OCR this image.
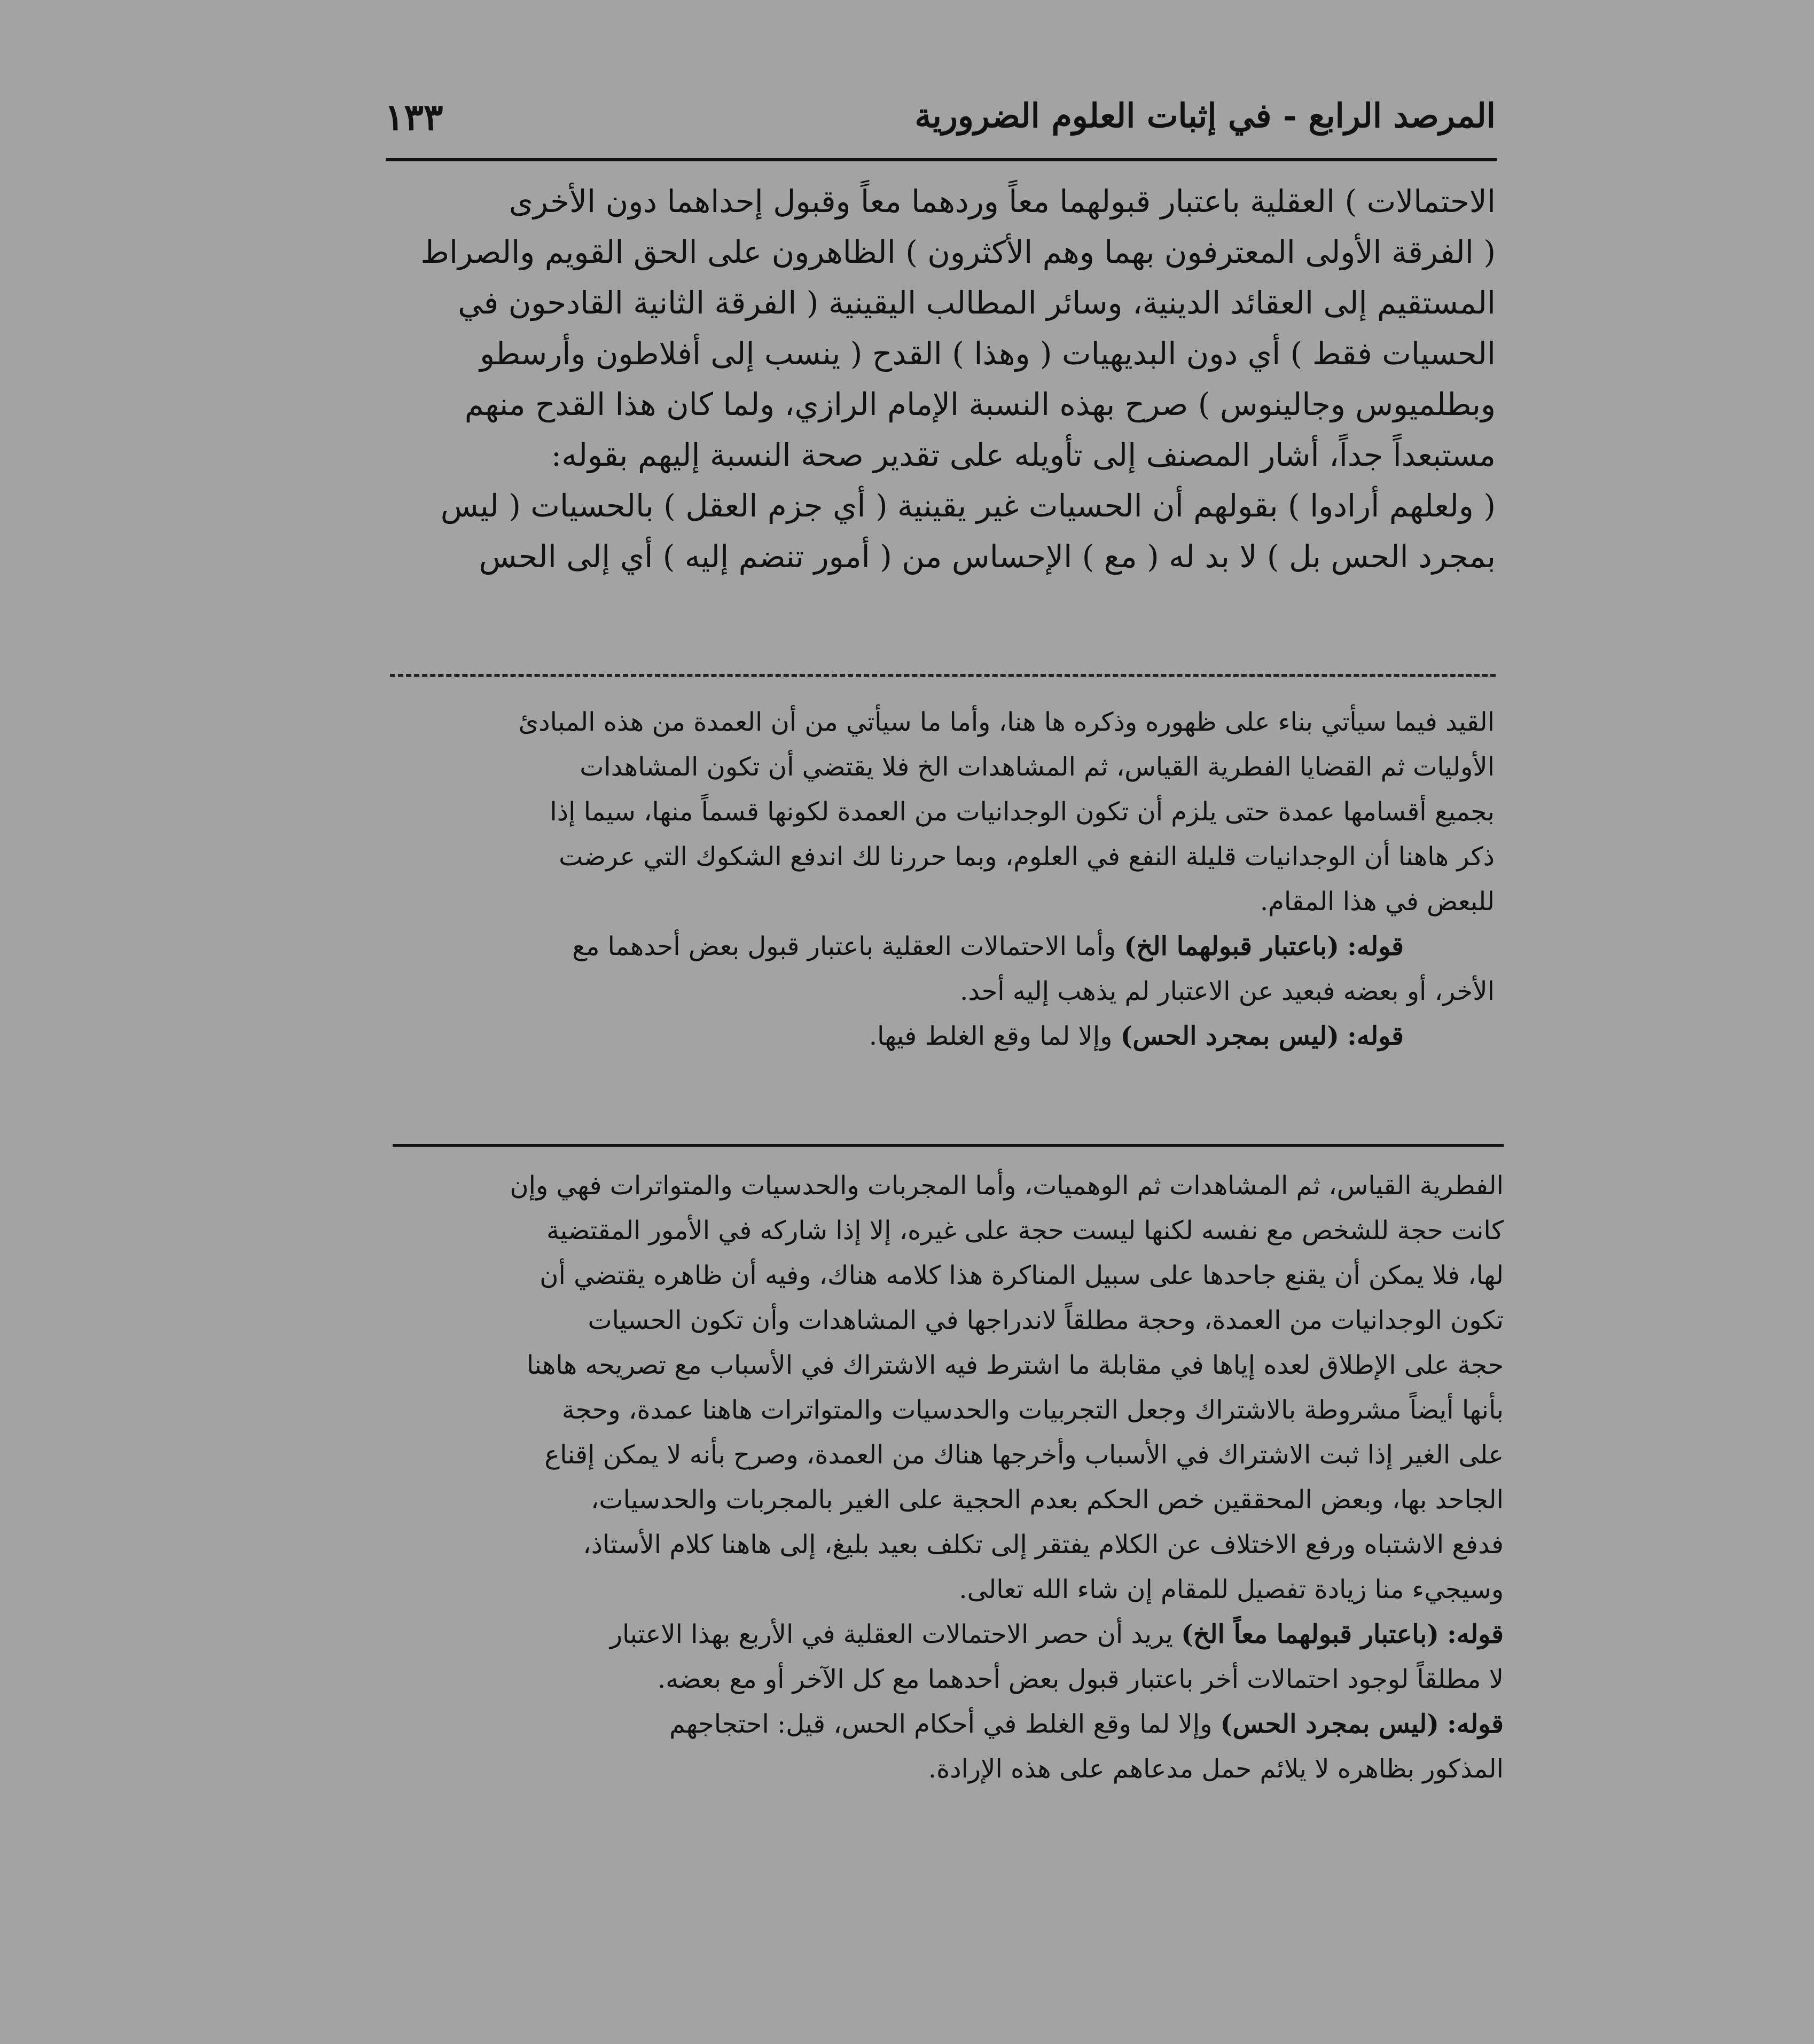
المرصد الرابع - في إثبات العلوم الضرورية
١٣٣
الاحتمالات ) العقلية باعتبار قبولهما معاً وردهما معاً وقبول إحداهما دون الأخرى
( الفرقة الأولى المعترفون بهما وهم الأكثرون ) الظاهرون على الحق القويم والصراط
المستقيم إلى العقائد الدينية، وسائر المطالب اليقينية ( الفرقة الثانية القادحون في
الحسيات فقط ) أي دون البديهيات ( وهذا ) القدح ( ينسب إلى أفلاطون وأرسطو
وبطلميوس وجالينوس ) صرح بهذه النسبة الإمام الرازي، ولما كان هذا القدح منهم
مستبعداً جداً، أشار المصنف إلى تأويله على تقدير صحة النسبة إليهم بقوله:
( ولعلهم أرادوا ) بقولهم أن الحسيات غير يقينية ( أي جزم العقل ) بالحسيات ( ليس
بمجرد الحس بل ) لا بد له ( مع ) الإحساس من ( أمور تنضم إليه ) أي إلى الحس
القيد فيما سيأتي بناء على ظهوره وذكره ها هنا، وأما ما سيأتي من أن العمدة من هذه المبادئ
الأوليات ثم القضايا الفطرية القياس، ثم المشاهدات الخ فلا يقتضي أن تكون المشاهدات
بجميع أقسامها عمدة حتى يلزم أن تكون الوجدانيات من العمدة لكونها قسماً منها، سيما إذا
ذكر هاهنا أن الوجدانيات قليلة النفع في العلوم، وبما حررنا لك اندفع الشكوك التي عرضت
للبعض في هذا المقام.
قوله: (باعتبار قبولهما الخ) وأما الاحتمالات العقلية باعتبار قبول بعض أحدهما مع
الأخر، أو بعضه فبعيد عن الاعتبار لم يذهب إليه أحد.
قوله: (ليس بمجرد الحس) وإلا لما وقع الغلط فيها.
الفطرية القياس، ثم المشاهدات ثم الوهميات، وأما المجربات والحدسيات والمتواترات فهي وإن
كانت حجة للشخص مع نفسه لكنها ليست حجة على غيره، إلا إذا شاركه في الأمور المقتضية
لها، فلا يمكن أن يقنع جاحدها على سبيل المناكرة هذا كلامه هناك، وفيه أن ظاهره يقتضي أن
تكون الوجدانيات من العمدة، وحجة مطلقاً لاندراجها في المشاهدات وأن تكون الحسيات
حجة على الإطلاق لعده إياها في مقابلة ما اشترط فيه الاشتراك في الأسباب مع تصريحه هاهنا
بأنها أيضاً مشروطة بالاشتراك وجعل التجربيات والحدسيات والمتواترات هاهنا عمدة، وحجة
على الغير إذا ثبت الاشتراك في الأسباب وأخرجها هناك من العمدة، وصرح بأنه لا يمكن إقناع
الجاحد بها، وبعض المحققين خص الحكم بعدم الحجية على الغير بالمجربات والحدسيات،
فدفع الاشتباه ورفع الاختلاف عن الكلام يفتقر إلى تكلف بعيد بليغ، إلى هاهنا كلام الأستاذ،
وسيجيء منا زيادة تفصيل للمقام إن شاء الله تعالى.
قوله: (باعتبار قبولهما معاً الخ) يريد أن حصر الاحتمالات العقلية في الأربع بهذا الاعتبار
لا مطلقاً لوجود احتمالات أخر باعتبار قبول بعض أحدهما مع كل الآخر أو مع بعضه.
قوله: (ليس بمجرد الحس) وإلا لما وقع الغلط في أحكام الحس، قيل: احتجاجهم
المذكور بظاهره لا يلائم حمل مدعاهم على هذه الإرادة.
